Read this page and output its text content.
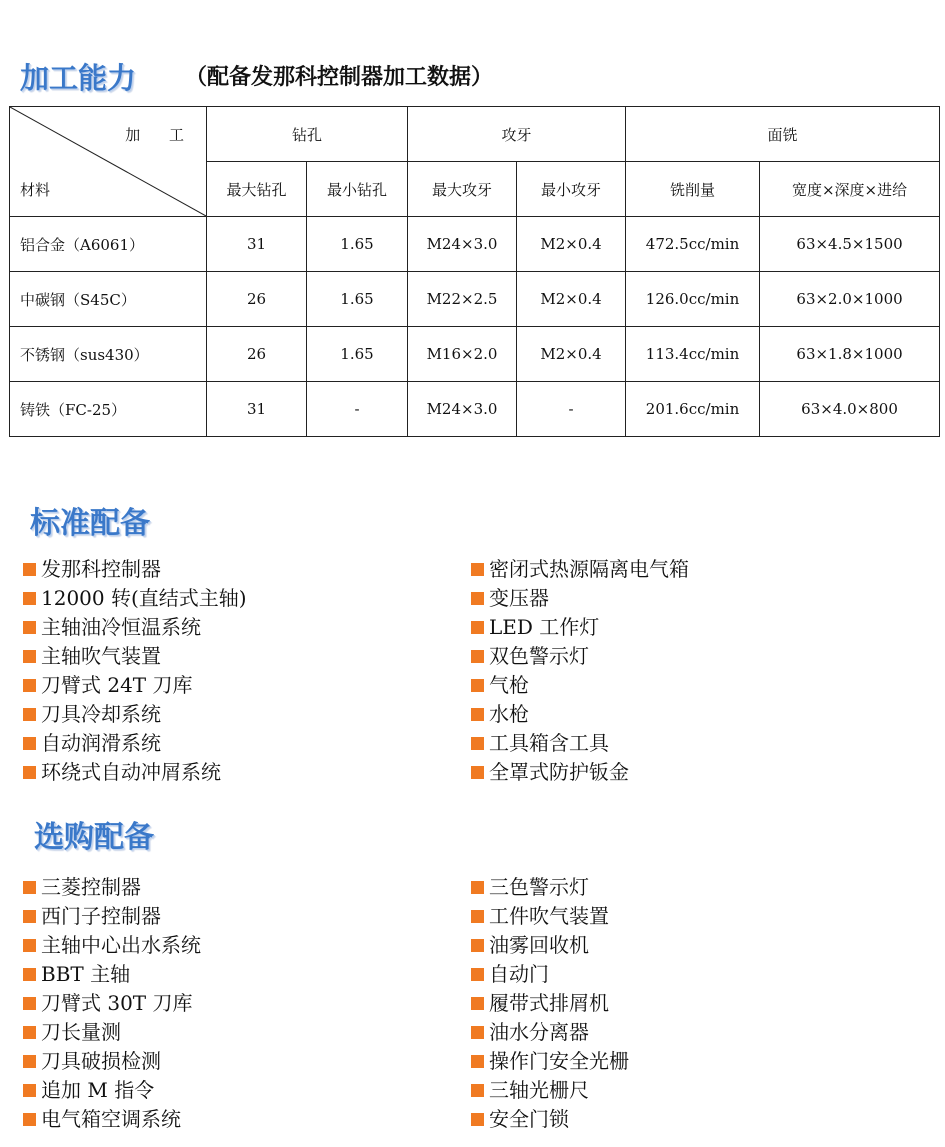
加工能力 （配备发那科控制器加工数据）
加 工
材料	钻孔		攻牙		面铣	
	最大钻孔	最小钻孔	最大攻牙	最小攻牙	铣削量	宽度×深度×进给
铝合金（A6061）	31	1.65	M24×3.0	M2×0.4	472.5cc/min	63×4.5×1500
中碳钢（S45C）	26	1.65	M22×2.5	M2×0.4	126.0cc/min	63×2.0×1000
不锈钢（sus430）	26	1.65	M16×2.0	M2×0.4	113.4cc/min	63×1.8×1000
铸铁（FC-25）	31	-	M24×3.0	-	201.6cc/min	63×4.0×800
标准配备
发那科控制器
12000 转(直结式主轴)
主轴油冷恒温系统
主轴吹气装置
刀臂式 24T 刀库
刀具冷却系统
自动润滑系统
环绕式自动冲屑系统
密闭式热源隔离电气箱
变压器
LED 工作灯
双色警示灯
气枪
水枪
工具箱含工具
全罩式防护钣金
选购配备
三菱控制器
西门子控制器
主轴中心出水系统
BBT 主轴
刀臂式 30T 刀库
刀长量测
刀具破损检测
追加 M 指令
电气箱空调系统
三色警示灯
工件吹气装置
油雾回收机
自动门
履带式排屑机
油水分离器
操作门安全光栅
三轴光栅尺
安全门锁
